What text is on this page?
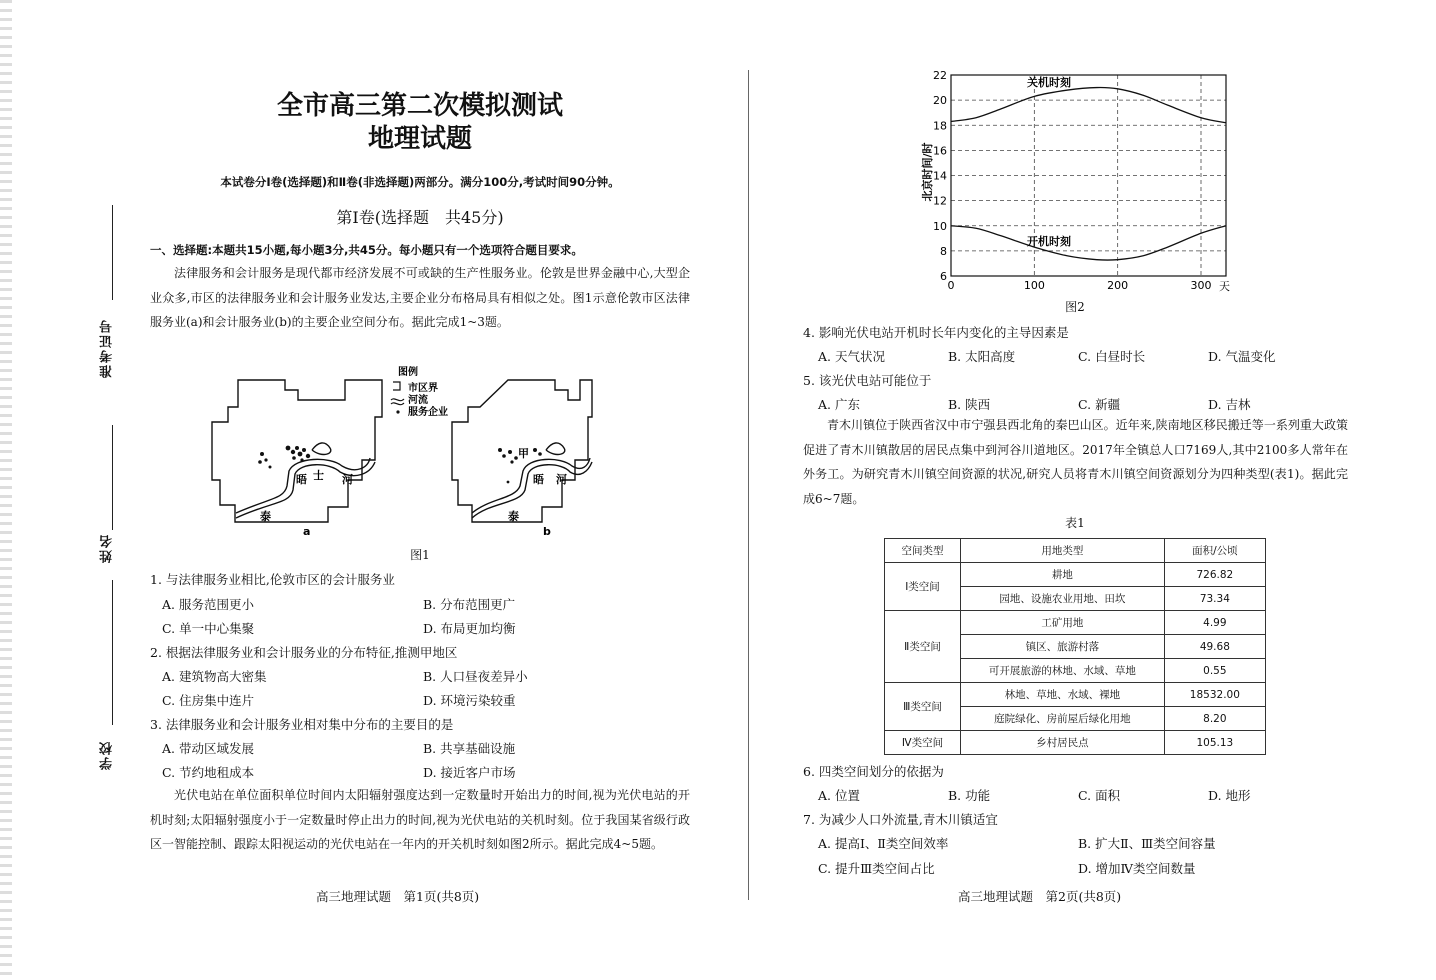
准考证号
姓名
学校
全市高三第二次模拟测试
地理试题
本试卷分Ⅰ卷(选择题)和Ⅱ卷(非选择题)两部分。满分100分,考试时间90分钟。
第Ⅰ卷(选择题　共45分)
一、选择题:本题共15小题,每小题3分,共45分。每小题只有一个选项符合题目要求。
法律服务和会计服务是现代都市经济发展不可或缺的生产性服务业。伦敦是世界金融中心,大型企业众多,市区的法律服务业和会计服务业发达,主要企业分布格局具有相似之处。图1示意伦敦市区法律服务业(a)和会计服务业(b)的主要企业空间分布。据此完成1~3题。
图例
市区界
河流
服务企业
晤 士 河
泰
晤 河
泰
甲
a	b
图1
1. 与法律服务业相比,伦敦市区的会计服务业
A. 服务范围更小	B. 分布范围更广
C. 单一中心集聚	D. 布局更加均衡
2. 根据法律服务业和会计服务业的分布特征,推测甲地区
A. 建筑物高大密集	B. 人口昼夜差异小
C. 住房集中连片	D. 环境污染较重
3. 法律服务业和会计服务业相对集中分布的主要目的是
A. 带动区域发展	B. 共享基础设施
C. 节约地租成本	D. 接近客户市场
光伏电站在单位面积单位时间内太阳辐射强度达到一定数量时开始出力的时间,视为光伏电站的开机时刻;太阳辐射强度小于一定数量时停止出力的时间,视为光伏电站的关机时刻。位于我国某省级行政区一智能控制、跟踪太阳视运动的光伏电站在一年内的开关机时刻如图2所示。据此完成4~5题。
高三地理试题　第1页(共8页)
北京时间/时
6
8
10
12
14
16
18
20
22
0	100	200	300
关机时刻
开机时刻
天
图2
4. 影响光伏电站开机时长年内变化的主导因素是
A. 天气状况	B. 太阳高度	C. 白昼时长	D. 气温变化
5. 该光伏电站可能位于
A. 广东	B. 陕西	C. 新疆	D. 吉林
青木川镇位于陕西省汉中市宁强县西北角的秦巴山区。近年来,陕南地区移民搬迁等一系列重大政策促进了青木川镇散居的居民点集中到河谷川道地区。2017年全镇总人口7169人,其中2100多人常年在外务工。为研究青木川镇空间资源的状况,研究人员将青木川镇空间资源划分为四种类型(表1)。据此完成6~7题。
表1
空间类型	用地类型	面积/公顷
Ⅰ类空间	耕地	726.82
	园地、设施农业用地、田坎	73.34
Ⅱ类空间	工矿用地	4.99
	镇区、旅游村落	49.68
	可开展旅游的林地、水域、草地	0.55
Ⅲ类空间	林地、草地、水域、裸地	18532.00
	庭院绿化、房前屋后绿化用地	8.20
Ⅳ类空间	乡村居民点	105.13
6. 四类空间划分的依据为
A. 位置	B. 功能	C. 面积	D. 地形
7. 为减少人口外流量,青木川镇适宜
A. 提高Ⅰ、Ⅱ类空间效率	B. 扩大Ⅱ、Ⅲ类空间容量
C. 提升Ⅲ类空间占比	D. 增加Ⅳ类空间数量
高三地理试题　第2页(共8页)
